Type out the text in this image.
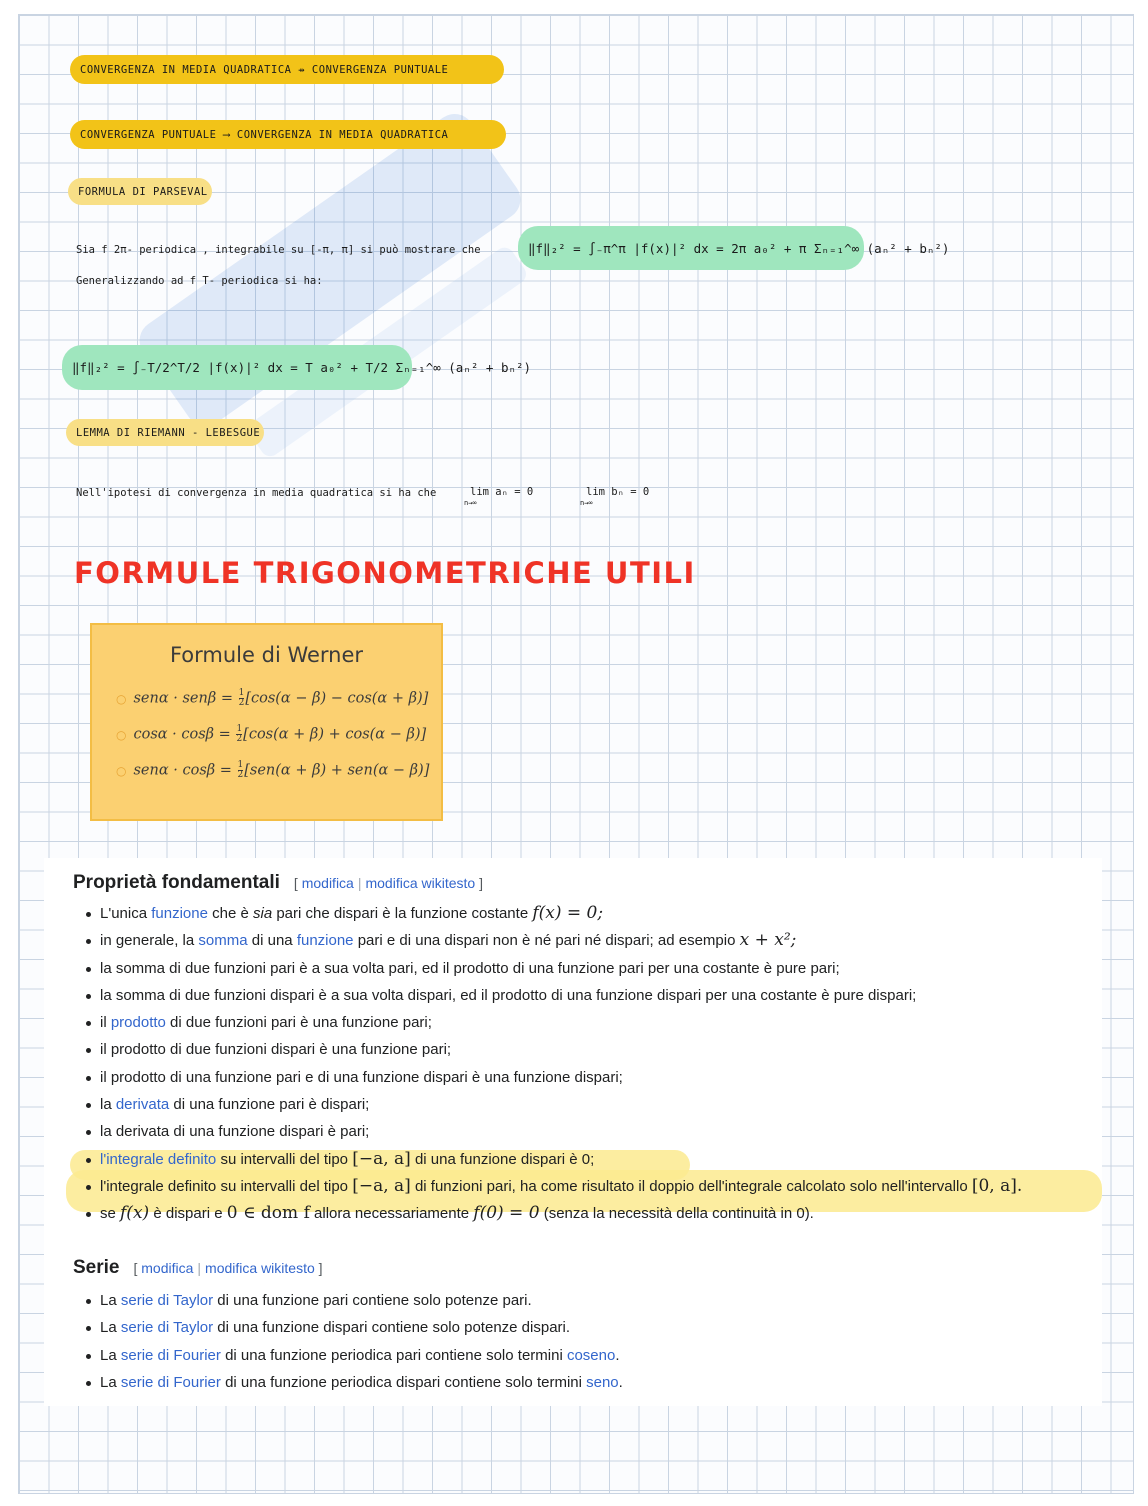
CONVERGENZA IN MEDIA QUADRATICA ⇸ CONVERGENZA PUNTUALE
CONVERGENZA PUNTUALE ⟶ CONVERGENZA IN MEDIA QUADRATICA
FORMULA DI PARSEVAL
Sia f 2π- periodica , integrabile su [-π, π] si può mostrare che	‖f‖₂² = ∫₋π^π |f(x)|² dx = 2π a₀² + π Σₙ₌₁^∞ (aₙ² + bₙ²)
Generalizzando ad f T- periodica si ha:
‖f‖₂² = ∫₋T/2^T/2 |f(x)|² dx = T a₀² + T/2 Σₙ₌₁^∞ (aₙ² + bₙ²)
LEMMA DI RIEMANN - LEBESGUE
Nell'ipotesi di convergenza in media quadratica si ha che	lim aₙ = 0
n→∞
lim bₙ = 0
n→∞
FORMULE TRIGONOMETRICHE UTILI
Formule di Werner
○ $sen\alpha \cdot sen\beta = \frac{1}{2} [\cos(\alpha - \beta) - \cos(\alpha + \beta)]$
○ $\cos\alpha \cdot \cos\beta = \frac{1}{2} [\cos(\alpha + \beta) + \cos(\alpha - \beta)]$
○ $sen\alpha \cdot \cos\beta = \frac{1}{2} [sen(\alpha + \beta) + sen(\alpha - \beta)]$
Proprietà fondamentali [ modifica | modifica wikitesto ]
L'unica funzione che è sia pari che dispari è la funzione costante f(x) = 0;
in generale, la somma di una funzione pari e di una dispari non è né pari né dispari; ad esempio x + x²;
la somma di due funzioni pari è a sua volta pari, ed il prodotto di una funzione pari per una costante è pure pari;
la somma di due funzioni dispari è a sua volta dispari, ed il prodotto di una funzione dispari per una costante è pure dispari;
il prodotto di due funzioni pari è una funzione pari;
il prodotto di due funzioni dispari è una funzione pari;
il prodotto di una funzione pari e di una funzione dispari è una funzione dispari;
la derivata di una funzione pari è dispari;
la derivata di una funzione dispari è pari;
l'integrale definito su intervalli del tipo [−a, a] di una funzione dispari è 0;
l'integrale definito su intervalli del tipo [−a, a] di funzioni pari, ha come risultato il doppio dell'integrale calcolato solo nell'intervallo [0, a].
se f(x) è dispari e 0 ∈ dom f allora necessariamente f(0) = 0 (senza la necessità della continuità in 0).
Serie [ modifica | modifica wikitesto ]
La serie di Taylor di una funzione pari contiene solo potenze pari.
La serie di Taylor di una funzione dispari contiene solo potenze dispari.
La serie di Fourier di una funzione periodica pari contiene solo termini coseno.
La serie di Fourier di una funzione periodica dispari contiene solo termini seno.
